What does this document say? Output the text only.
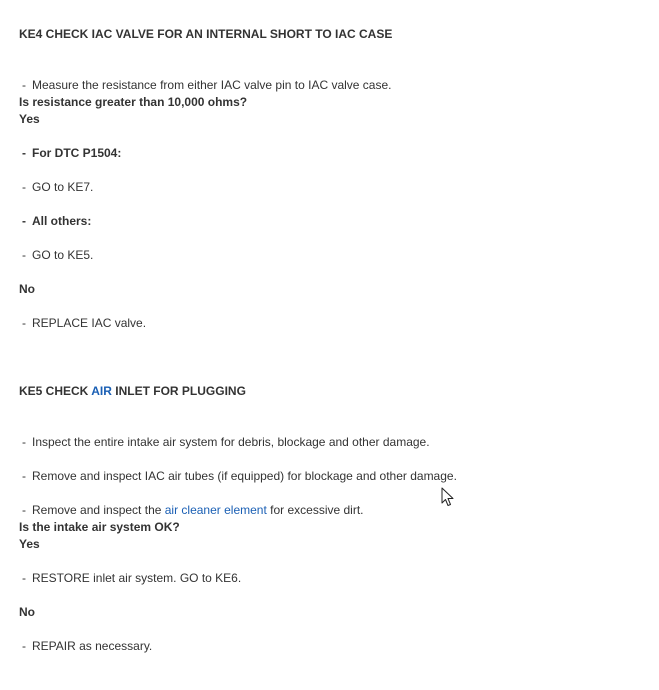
KE4 CHECK IAC VALVE FOR AN INTERNAL SHORT TO IAC CASE
- Measure the resistance from either IAC valve pin to IAC valve case.
Is resistance greater than 10,000 ohms?
Yes
- For DTC P1504:
- GO to KE7.
- All others:
- GO to KE5.
No
- REPLACE IAC valve.
KE5 CHECK AIR INLET FOR PLUGGING
- Inspect the entire intake air system for debris, blockage and other damage.
- Remove and inspect IAC air tubes (if equipped) for blockage and other damage.
- Remove and inspect the air cleaner element for excessive dirt.
Is the intake air system OK?
Yes
- RESTORE inlet air system. GO to KE6.
No
- REPAIR as necessary.
